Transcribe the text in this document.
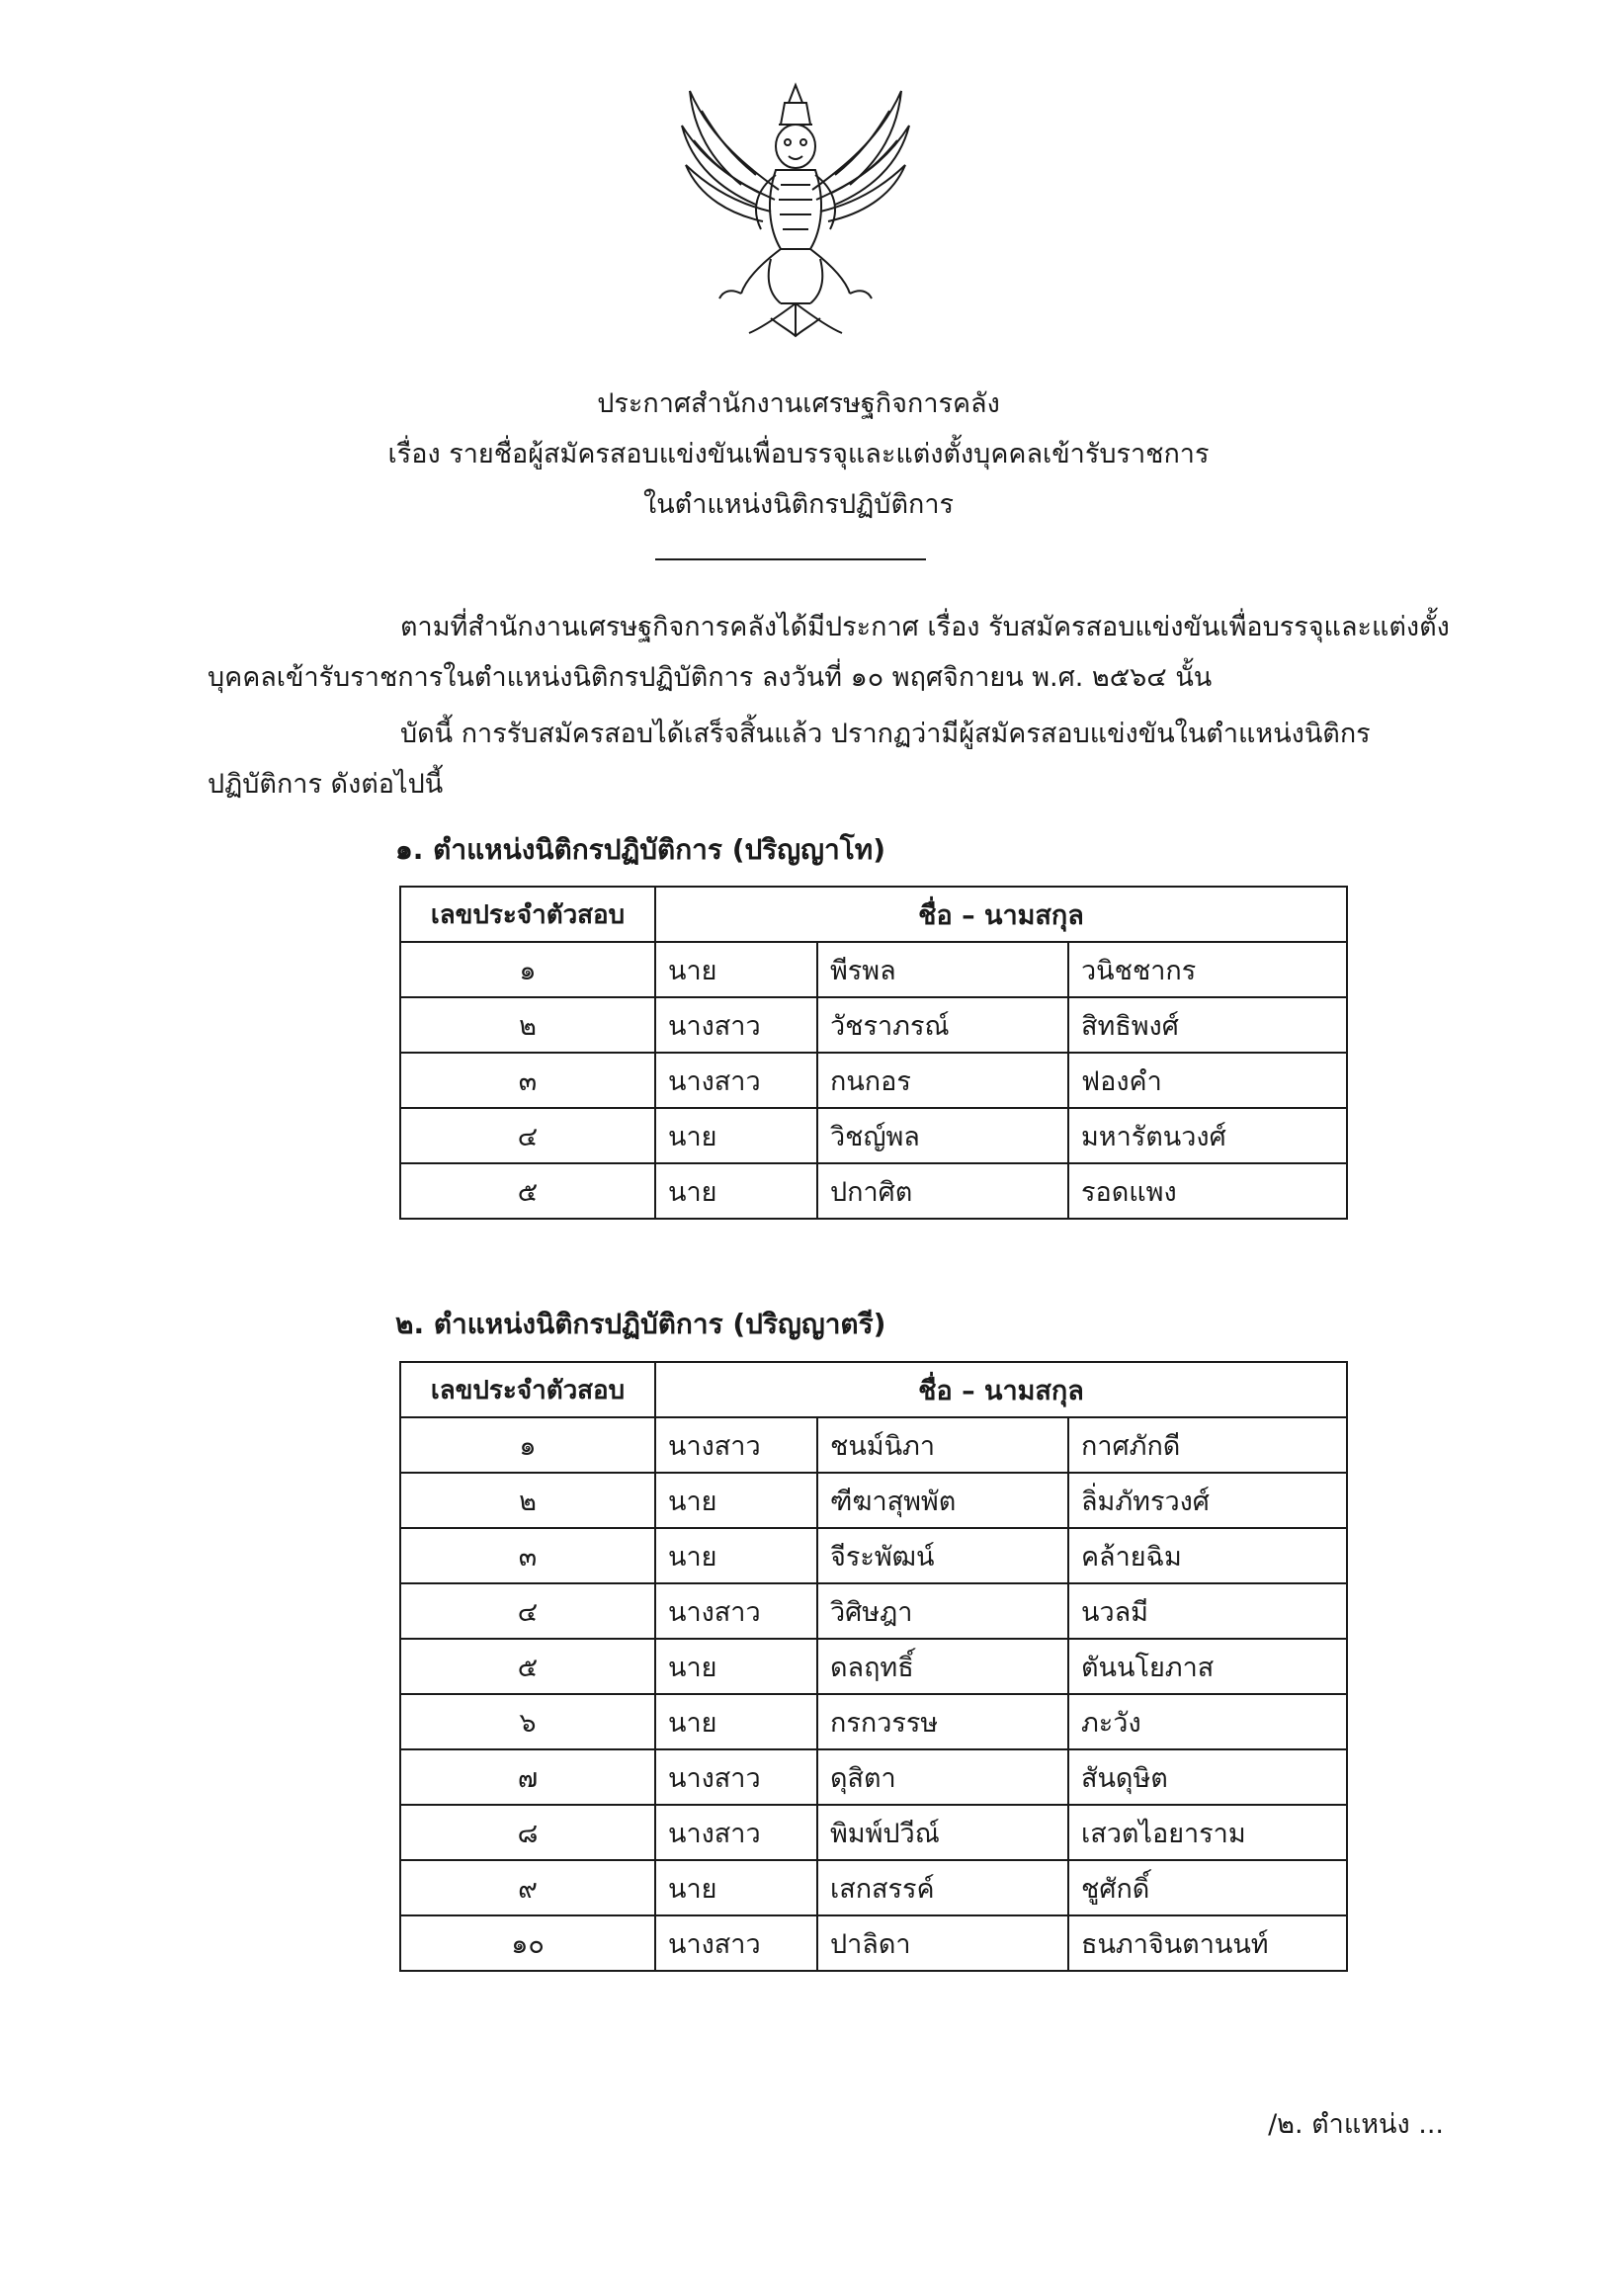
ประกาศสำนักงานเศรษฐกิจการคลัง
เรื่อง รายชื่อผู้สมัครสอบแข่งขันเพื่อบรรจุและแต่งตั้งบุคคลเข้ารับราชการ
ในตำแหน่งนิติกรปฏิบัติการ
ตามที่สำนักงานเศรษฐกิจการคลังได้มีประกาศ เรื่อง รับสมัครสอบแข่งขันเพื่อบรรจุและแต่งตั้ง
บุคคลเข้ารับราชการในตำแหน่งนิติกรปฏิบัติการ ลงวันที่ ๑๐ พฤศจิกายน พ.ศ. ๒๕๖๔ นั้น
บัดนี้ การรับสมัครสอบได้เสร็จสิ้นแล้ว ปรากฏว่ามีผู้สมัครสอบแข่งขันในตำแหน่งนิติกร
ปฏิบัติการ ดังต่อไปนี้
๑. ตำแหน่งนิติกรปฏิบัติการ (ปริญญาโท)
เลขประจำตัวสอบ	ชื่อ – นามสกุล		
๑	นาย	พีรพล	วนิชชากร
๒	นางสาว	วัชราภรณ์	สิทธิพงศ์
๓	นางสาว	กนกอร	ฟองคำ
๔	นาย	วิชญ์พล	มหารัตนวงศ์
๕	นาย	ปกาศิต	รอดแพง
๒. ตำแหน่งนิติกรปฏิบัติการ (ปริญญาตรี)
เลขประจำตัวสอบ	ชื่อ – นามสกุล		
๑	นางสาว	ชนม์นิภา	กาศภักดี
๒	นาย	ฑีฆาสุพพัต	ลิ่มภัทรวงศ์
๓	นาย	จีระพัฒน์	คล้ายฉิม
๔	นางสาว	วิศิษฎา	นวลมี
๕	นาย	ดลฤทธิ์	ตันนโยภาส
๖	นาย	กรกวรรษ	ภะวัง
๗	นางสาว	ดุสิตา	สันดุษิต
๘	นางสาว	พิมพ์ปวีณ์	เสวตไอยาราม
๙	นาย	เสกสรรค์	ชูศักดิ์
๑๐	นางสาว	ปาลิดา	ธนภาจินตานนท์
/๒. ตำแหน่ง ...
